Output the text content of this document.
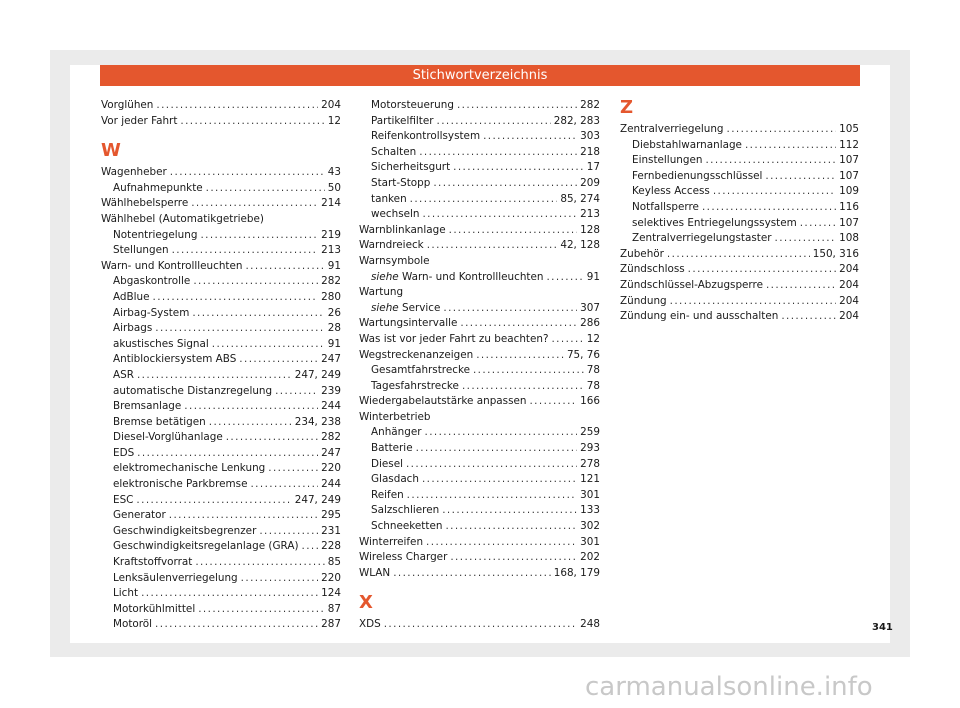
Stichwortverzeichnis
Vorglühen .....	204
Vor jeder Fahrt .....	12
W
Wagenheber .....	43
Aufnahmepunkte .....	50
Wählhebelsperre .....	214
Wählhebel (Automatikgetriebe)
Notentriegelung .....	219
Stellungen .....	213
Warn- und Kontrollleuchten .....	91
Abgaskontrolle .....	282
AdBlue .....	280
Airbag-System .....	26
Airbags .....	28
akustisches Signal .....	91
Antiblockiersystem ABS .....	247
ASR .....	247, 249
automatische Distanzregelung .....	239
Bremsanlage .....	244
Bremse betätigen .....	234, 238
Diesel-Vorglühanlage .....	282
EDS .....	247
elektromechanische Lenkung .....	220
elektronische Parkbremse .....	244
ESC .....	247, 249
Generator .....	295
Geschwindigkeitsbegrenzer .....	231
Geschwindigkeitsregelanlage (GRA) ..... 228
Kraftstoffvorrat .....	85
Lenksäulenverriegelung .....	220
Licht .....	124
Motorkühlmittel .....	87
Motoröl .....	287
Motorsteuerung .....	282
Partikelfilter .....	282, 283
Reifenkontrollsystem .....	303
Schalten .....	218
Sicherheitsgurt .....	17
Start-Stopp .....	209
tanken .....	85, 274
wechseln .....	213
Warnblinkanlage .....	128
Warndreieck .....	42, 128
Warnsymbole
siehe Warn- und Kontrollleuchten .....	91
Wartung
siehe Service .....	307
Wartungsintervalle .....	286
Was ist vor jeder Fahrt zu beachten? .....	12
Wegstreckenanzeigen .....	75, 76
Gesamtfahrstrecke .....	78
Tagesfahrstrecke .....	78
Wiedergabelautstärke anpassen .....	166
Winterbetrieb
Anhänger .....	259
Batterie .....	293
Diesel .....	278
Glasdach .....	121
Reifen .....	301
Salzschlieren .....	133
Schneeketten .....	302
Winterreifen .....	301
Wireless Charger .....	202
WLAN .....	168, 179
X
XDS .....	248
Z
Zentralverriegelung .....	105
Diebstahlwarnanlage .....	112
Einstellungen .....	107
Fernbedienungsschlüssel .....	107
Keyless Access .....	109
Notfallsperre .....	116
selektives Entriegelungssystem .....	107
Zentralverriegelungstaster .....	108
Zubehör .....	150, 316
Zündschloss .....	204
Zündschlüssel-Abzugsperre .....	204
Zündung .....	204
Zündung ein- und ausschalten .....	204
341
carmanualsonline.info
